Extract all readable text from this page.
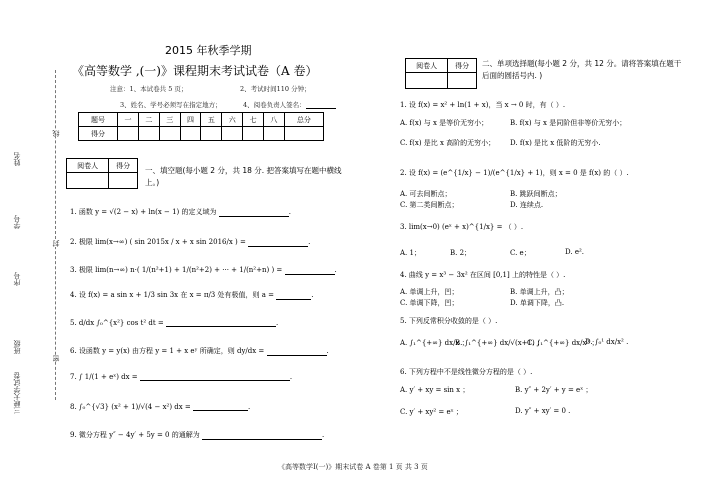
姓名
学号
序号
班级
三峡大学试卷
线
封
密
2015 年秋季学期
《高等数学 ,(一)》课程期末考试试卷（A 卷）
注意：1、本试卷共 5 页；	2、考试时间110 分钟；
3、姓名、学号必须写在指定地方；	4、阅卷负责人签名：
题号	一	二	三	四	五	六	七	八	总分
得分									
阅卷人	得分

一、填空题(每小题 2 分，共 18 分. 把答案填写在题中横线上。)
1. 函数 y = √(2 − x) + ln(x − 1) 的定义域为	.
2. 极限 lim(x→∞) ( sin 2015x / x + x sin 2016/x ) =	.
3. 极限 lim(n→∞) n·( 1/(n²+1) + 1/(n²+2) + ··· + 1/(n²+n) ) =	.
4. 设 f(x) = a sin x + 1/3 sin 3x 在 x = π/3 处有极值，则 a =	.
5. d/dx ∫₀^{x²} cos t² dt =	.
6. 设函数 y = y(x) 由方程 y = 1 + x eʸ 所确定，则 dy/dx =	.
7. ∫ 1/(1 + eˣ) dx =	.
8. ∫₀^{√3} (x² + 1)/√(4 − x²) dx =	.
9. 微分方程 y″ − 4y′ + 5y = 0 的通解为	.
阅卷人	得分
	二、单项选择题(每小题 2 分，共 12 分。请将答案填在题干后面的圆括号内. )
1. 设 f(x) = x² + ln(1 + x)，当 x → 0 时，有（ ）.
A. f(x) 与 x 是等价无穷小；	B. f(x) 与 x 是同阶但非等价无穷小；
C. f(x) 是比 x 高阶的无穷小； D. f(x) 是比 x 低阶的无穷小.
2. 设 f(x) = (e^{1/x} − 1)/(e^{1/x} + 1)，则 x = 0 是 f(x) 的（ ）.
A. 可去间断点；	B. 跳跃间断点；
C. 第二类间断点；	D. 连续点.
3. lim(x→0) (eˣ + x)^{1/x} = （ ）.
A. 1；	B. 2；	C. e；	D. e².
4. 曲线 y = x³ − 3x² 在区间 [0,1] 上的特性是（ ）.
A. 单调上升，凹；	B. 单调上升，凸；
C. 单调下降，凹；	D. 单调下降，凸.
5. 下列反常积分收敛的是（ ）.
A. ∫₁^{+∞} dx/x ；
B. ∫₁^{+∞} dx/√(x+1) ；
C. ∫₁^{+∞} dx/x³ ；
D. ∫₀¹ dx/x² .
6. 下列方程中不是线性微分方程的是（ ）.
A. y′ + xy = sin x ；	B. y″ + 2y′ + y = eˣ ；
C. y′ + xy² = eˣ ；	D. y″ + xy′ = 0 .
《高等数学Ⅰ(一)》期末试卷 A 卷第 1 页 共 3 页
